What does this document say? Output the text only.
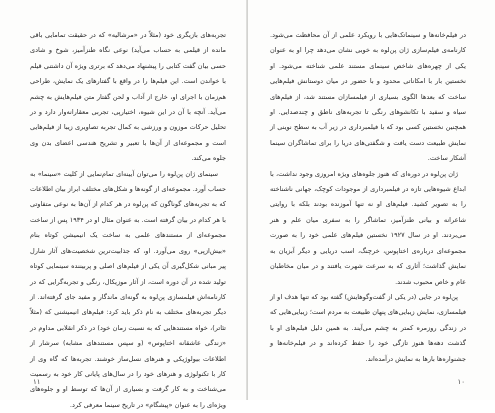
تجربه‌های بازیگری خود (مثلاً در «مرشالیه» که در حقیقت تمامایی باقی مانده از قیلمی به حساب می‌آید) نوعی نگاه طنزآمیز، شوخ و شادی حسی بیان گفت کتابی را پیشنهاد می‌دهد که برتری ویژه آن داشتنی قیلم با خواندن است. این فیلم‌ها را در واقع با گفتارهای یک نمایش، طراحی هم‌زمان با اجرای او، خارج از آداب و لحن گفتار متن فیلم‌هایش به چشم می‌آید. آنچه با آن در این شیوه، اختیارپی، تجربی معقارانه‌وار دارد و در تحلیل حرکات موزون و ورزشی به کمال تجربه تصاویری زیبا از فیلم‌هایی است و مجموعه‌ای از آن‌ها با تعبیر و تشریح هندسی اعضای بدن وی جلوه می‌کند.

سینمای ژان پن‌لوه را می‌توان آیینه‌ای تمام‌نمایی از کلیت «سینما» به حساب آورد. مجموعه‌ای از گونه‌ها و شکل‌های مختلف ابراز بیان اطلاعات که به تجربه‌های گوناگون که پن‌لوه در هر کدام از آن‌ها به نوعی متفاوتی با هر کدام در بیان گرفته است. به عنوان مثال او در ۱۹۳۴ پس از ساخت مجموعه‌ای از مستندهای علمی به ساخت یک انیمیشن کوتاه بنام «بیش‌ازپی» روی می‌آورد. او، که جذابیت‌ترین شخصیت‌های آثار شارل پیر مبانی شکل‌گیری آن یکی از فیلم‌های اصلی و پربیننده سینمایی کوتاه تولید شده در آن دوره است، از آثار موزیکال، رنگی و تجربه‌گرایی که در کارنامه‌اش فیلمسازی پن‌لوه به گونه‌ای ماندگار و مفید جای گرفته‌اند. از دیگر تجربه‌های مختلف به نام ذکر باید کرد: فیلم‌های انیمیشنی که (مثلاً تئاتر)، خواه مستندهایی که به نسبت زمان خود) در ذکر انقلابی مداوم در «زندگی عاشقانه اختاپوس» (و سپس مستندهای مشابه) سرشار از اطلاعات بیولوژیکی و هنرهای نسل‌ساز خوشند. تجربه‌ها که گاه وی از کار با تکنولوژی و هنرهای خود را در سال‌های پایانی کار خود به رسمیت می‌شناخت و به کار گرفت و بسیاری از آن‌ها که توسط او و جلوه‌های ویژه‌ای را به عنوان «پیشگام» در تاریخ سینما معرفی کرد.

۱۱

در فیلم‌خانه‌ها و سینماتک‌هایی با رویکرد علمی از آن محافظت می‌شود. کارنامه‌ی فیلم‌سازی ژان پن‌لوه به خوبی نشان می‌دهد چرا او به عنوان یکی از چهره‌های شاخص سینمای مستند علمی شناخته می‌شود. او نخستین بار با امکاناتی محدود و با حضور در میان دوستانش فیلم‌هایی ساخت که بعدها الگوی بسیاری از فیلمسازان مستند شد، از فیلم‌های سیاه و سفید با تکانشوهای رنگی تا تجربه‌های ناطق و چندصدایی. او همچنین نخستین کسی بود که با فیلمبرداری در زیر آب به سطح نوینی از نمایش طبیعت دست یافت و شگفتی‌های دریا را برای تماشاگران سینما آشکار ساخت.

ژان پن‌لوه در دوره‌ای که هنوز جلوه‌های ویژه امروزی وجود نداشت، با ابداع شیوه‌هایی تازه در فیلمبرداری از موجودات کوچک، جهانی ناشناخته را به تصویر کشید. فیلم‌های او نه تنها آموزنده بودند بلکه با روایتی شاعرانه و بیانی طنزآمیز، تماشاگر را به سفری میان علم و هنر می‌بردند. او در سال ۱۹۲۷ نخستین فیلم‌های علمی خود را به صورت مجموعه‌ای درباره‌ی اختاپوس، خرچنگ، اسب دریایی و دیگر آبزیان به نمایش گذاشت؛ آثاری که به سرعت شهرت یافتند و در میان مخاطبان عام و خاص محبوب شدند.

پن‌لوه در جایی (در یکی از گفت‌وگوهایش) گفته بود که تنها هدف او از فیلمسازی، نمایش زیبایی‌های پنهان طبیعت به مردم است؛ زیبایی‌هایی که در زندگی روزمره کمتر به چشم می‌آیند. به همین دلیل فیلم‌های او با گذشت دهه‌ها هنوز تازگی خود را حفظ کرده‌اند و در فیلم‌خانه‌ها و جشنواره‌ها بارها به نمایش درآمده‌اند.

۱۰
